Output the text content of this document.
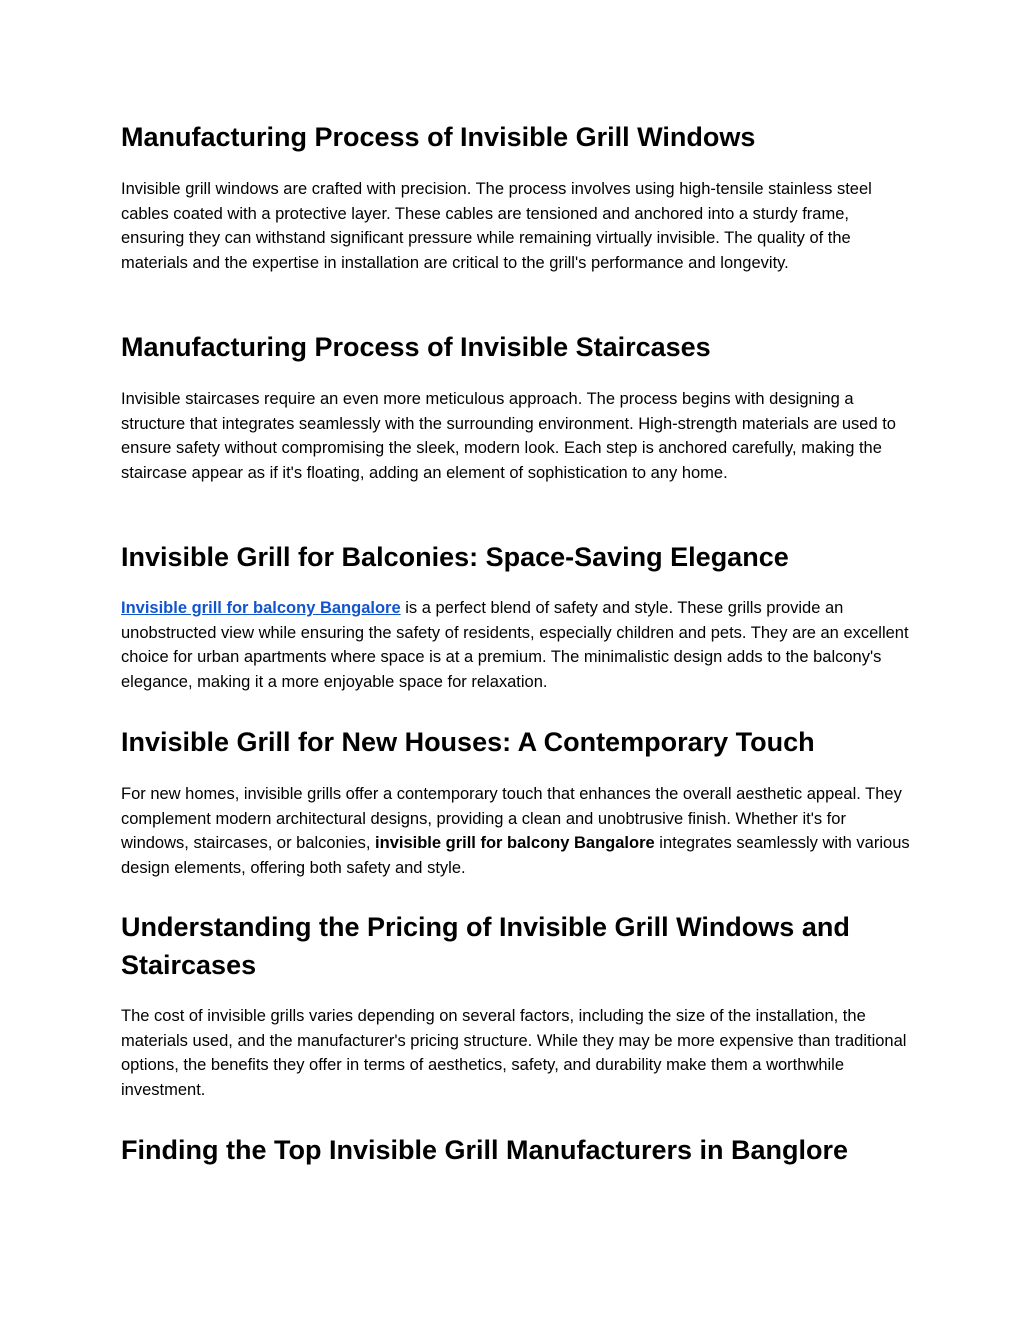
Manufacturing Process of Invisible Grill Windows

Invisible grill windows are crafted with precision. The process involves using high-tensile stainless steel cables coated with a protective layer. These cables are tensioned and anchored into a sturdy frame, ensuring they can withstand significant pressure while remaining virtually invisible. The quality of the materials and the expertise in installation are critical to the grill's performance and longevity.

Manufacturing Process of Invisible Staircases

Invisible staircases require an even more meticulous approach. The process begins with designing a structure that integrates seamlessly with the surrounding environment. High-strength materials are used to ensure safety without compromising the sleek, modern look. Each step is anchored carefully, making the staircase appear as if it's floating, adding an element of sophistication to any home.

Invisible Grill for Balconies: Space-Saving Elegance

Invisible grill for balcony Bangalore is a perfect blend of safety and style. These grills provide an unobstructed view while ensuring the safety of residents, especially children and pets. They are an excellent choice for urban apartments where space is at a premium. The minimalistic design adds to the balcony's elegance, making it a more enjoyable space for relaxation.

Invisible Grill for New Houses: A Contemporary Touch

For new homes, invisible grills offer a contemporary touch that enhances the overall aesthetic appeal. They complement modern architectural designs, providing a clean and unobtrusive finish. Whether it's for windows, staircases, or balconies, invisible grill for balcony Bangalore integrates seamlessly with various design elements, offering both safety and style.

Understanding the Pricing of Invisible Grill Windows and Staircases

The cost of invisible grills varies depending on several factors, including the size of the installation, the materials used, and the manufacturer's pricing structure. While they may be more expensive than traditional options, the benefits they offer in terms of aesthetics, safety, and durability make them a worthwhile investment.

Finding the Top Invisible Grill Manufacturers in Banglore
